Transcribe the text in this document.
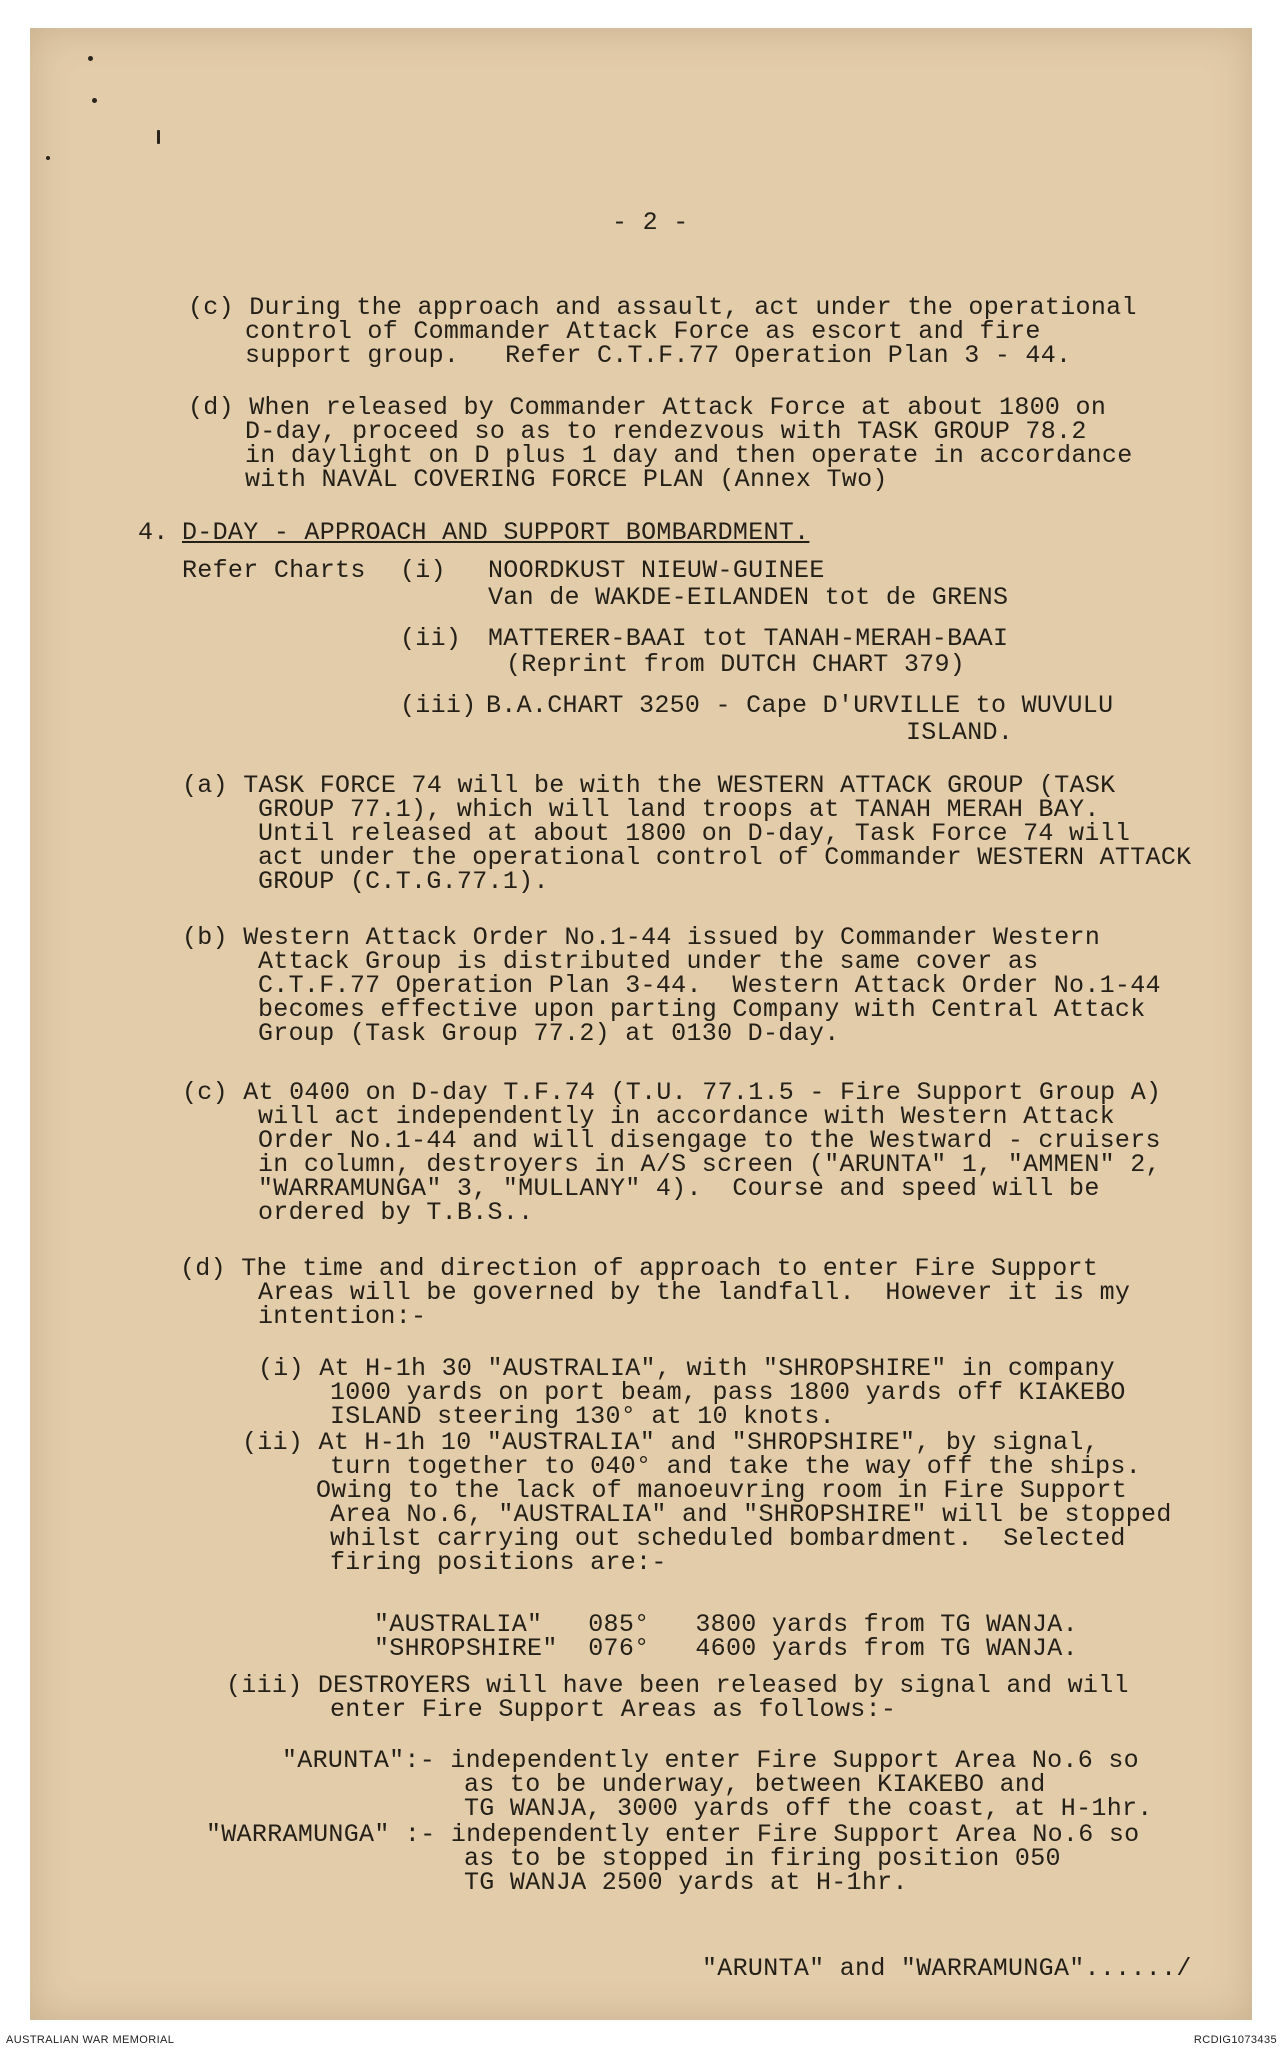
- 2 -
(c) During the approach and assault, act under the operational
control of Commander Attack Force as escort and fire
support group.   Refer C.T.F.77 Operation Plan 3 - 44.
(d) When released by Commander Attack Force at about 1800 on
D-day, proceed so as to rendezvous with TASK GROUP 78.2
in daylight on D plus 1 day and then operate in accordance
with NAVAL COVERING FORCE PLAN (Annex Two)
4. D-DAY - APPROACH AND SUPPORT BOMBARDMENT.
Refer Charts (i) NOORDKUST NIEUW-GUINEE
Van de WAKDE-EILANDEN tot de GRENS
(ii) MATTERER-BAAI tot TANAH-MERAH-BAAI
(Reprint from DUTCH CHART 379)
(iii) B.A.CHART 3250 - Cape D'URVILLE to WUVULU
ISLAND.
(a) TASK FORCE 74 will be with the WESTERN ATTACK GROUP (TASK
GROUP 77.1), which will land troops at TANAH MERAH BAY.
Until released at about 1800 on D-day, Task Force 74 will
act under the operational control of Commander WESTERN ATTACK
GROUP (C.T.G.77.1).
(b) Western Attack Order No.1-44 issued by Commander Western
Attack Group is distributed under the same cover as
C.T.F.77 Operation Plan 3-44.  Western Attack Order No.1-44
becomes effective upon parting Company with Central Attack
Group (Task Group 77.2) at 0130 D-day.
(c) At 0400 on D-day T.F.74 (T.U. 77.1.5 - Fire Support Group A)
will act independently in accordance with Western Attack
Order No.1-44 and will disengage to the Westward - cruisers
in column, destroyers in A/S screen ("ARUNTA" 1, "AMMEN" 2,
"WARRAMUNGA" 3, "MULLANY" 4).  Course and speed will be
ordered by T.B.S..
(d) The time and direction of approach to enter Fire Support
Areas will be governed by the landfall.  However it is my
intention:-
(i) At H-1h 30 "AUSTRALIA", with "SHROPSHIRE" in company
1000 yards on port beam, pass 1800 yards off KIAKEBO
ISLAND steering 130° at 10 knots.
(ii) At H-1h 10 "AUSTRALIA" and "SHROPSHIRE", by signal,
turn together to 040° and take the way off the ships.
Owing to the lack of manoeuvring room in Fire Support
Area No.6, "AUSTRALIA" and "SHROPSHIRE" will be stopped
whilst carrying out scheduled bombardment.  Selected
firing positions are:-
"AUSTRALIA"   085°   3800 yards from TG WANJA.
"SHROPSHIRE"  076°   4600 yards from TG WANJA.
(iii) DESTROYERS will have been released by signal and will
enter Fire Support Areas as follows:-
"ARUNTA":- independently enter Fire Support Area No.6 so
as to be underway, between KIAKEBO and
TG WANJA, 3000 yards off the coast, at H-1hr.
"WARRAMUNGA" :- independently enter Fire Support Area No.6 so
as to be stopped in firing position 050
TG WANJA 2500 yards at H-1hr.
"ARUNTA" and "WARRAMUNGA"....../
AUSTRALIAN WAR MEMORIAL	RCDIG1073435
